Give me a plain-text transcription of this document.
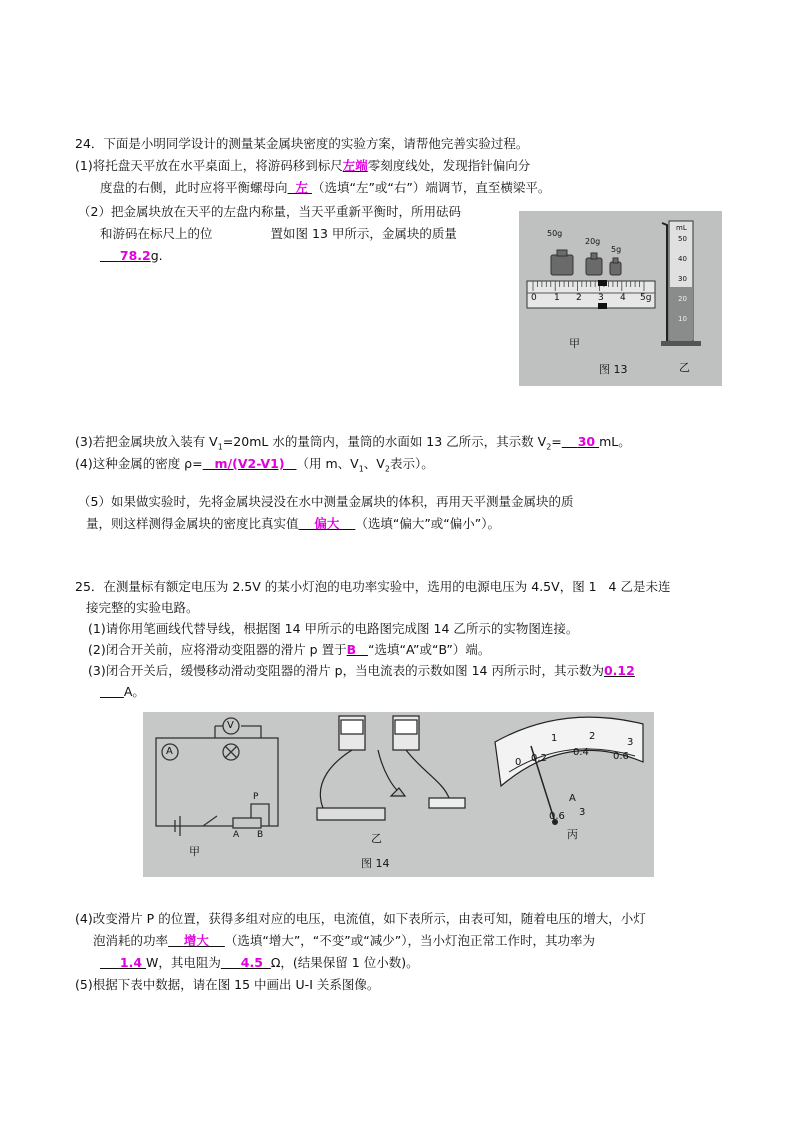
24．下面是小明同学设计的测量某金属块密度的实验方案，请帮他完善实验过程。
(1)将托盘天平放在水平桌面上，将游码移到标尺左端零刻度线处，发现指针偏向分
度盘的右侧，此时应将平衡螺母向 左 （选填“左”或“右”）端调节，直至横梁平。
（2）把金属块放在天平的左盘内称量，当天平重新平衡时，所用砝码
和游码在标尺上的位	置如图 13 甲所示，金属块的质量
78.2g.
50g
20g
5g
0 1 2 3 4 5g
mL
50
40
30
20
10
甲
图 13	乙
(3)若把金属块放入装有 $V_1=20mL$ 水的量筒内，量筒的水面如 13 乙所示，其示数 $V_2= 30$ mL。
(4)这种金属的密度 ρ= m/(V2-V1) （用 m、$V_1$、$V_2$表示）。
（5）如果做实验时，先将金属块浸没在水中测量金属块的体积，再用天平测量金属块的质
量，则这样测得金属块的密度比真实值 偏大 （选填“偏大”或“偏小”）。
25．在测量标有额定电压为 2.5V 的某小灯泡的电功率实验中，选用的电源电压为 4.5V，图 1 4 乙是未连
接完整的实验电路。
(1)请你用笔画线代替导线，根据图 14 甲所示的电路图完成图 14 乙所示的实物图连接。
(2)闭合开关前，应将滑动变阻器的滑片 p 置于B “选填“A”或“B”）端。
(3)闭合开关后，缓慢移动滑动变阻器的滑片 p，当电流表的示数如图 14 丙所示时，其示数为0.12
A。
A
V
P
A B
甲
乙
图 14
0 0.2
0.4 0.6
1	2
3
A
0.6 3
丙
(4)改变滑片 P 的位置，获得多组对应的电压，电流值，如下表所示，由表可知，随着电压的增大，小灯
泡消耗的功率 增大 （选填“增大”，“不变”或“减少”），当小灯泡正常工作时，其功率为
1.4 W，其电阻为 4.5 Ω，(结果保留 1 位小数)。
(5)根据下表中数据，请在图 15 中画出 U-I 关系图像。
